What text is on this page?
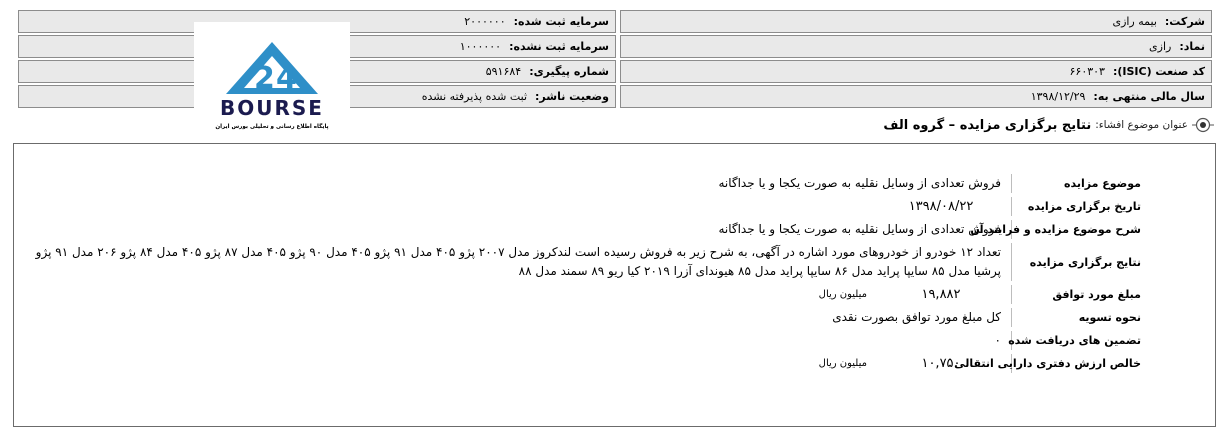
شرکت:
بیمه رازی
نماد:
رازی
کد صنعت (ISIC):
۶۶۰۳۰۳
سال مالی منتهی به:
۱۳۹۸/۱۲/۲۹
سرمایه ثبت شده:
۲۰۰۰۰۰۰
سرمایه ثبت نشده:
۱۰۰۰۰۰۰
شماره پیگیری:
۵۹۱۶۸۴
وضعیت ناشر:
ثبت شده پذیرفته نشده
2 4
BOURSE
پایگاه اطلاع رسانی و تحلیلی بورس ایران	عنوان موضوع افشاء:
نتایج برگزاری مزایده – گروه الف
موضوع مزایده
فروش تعدادی از وسایل نقلیه به صورت یکجا و یا جداگانه
تاریخ برگزاری مزایده
۱۳۹۸/۰۸/۲۲
شرح موضوع مزایده و فرایند آن
فروش تعدادی از وسایل نقلیه به صورت یکجا و یا جداگانه
نتایج برگزاری مزایده
تعداد ۱۲ خودرو از خودروهای مورد اشاره در آگهی، به شرح زیر به فروش رسیده است لندکروز مدل ۲۰۰۷ پژو ۴۰۵ مدل ۹۱ پژو ۴۰۵ مدل ۹۰ پژو ۴۰۵ مدل ۸۷ پژو ۴۰۵ مدل ۸۴ پژو ۲۰۶ مدل ۹۱ پژو پرشیا مدل ۸۵ سایپا پراید مدل ۸۶ سایپا پراید مدل ۸۵ هیوندای آزرا ۲۰۱۹ کیا ریو ۸۹ سمند مدل ۸۸
مبلغ مورد توافق
۱۹,۸۸۲
میلیون ریال
نحوه تسویه
کل مبلغ مورد توافق بصورت نقدی
تضمین های دریافت شده
۰
خالص ارزش دفتری دارایی انتقالی
۱۰,۷۵۰
میلیون ریال
